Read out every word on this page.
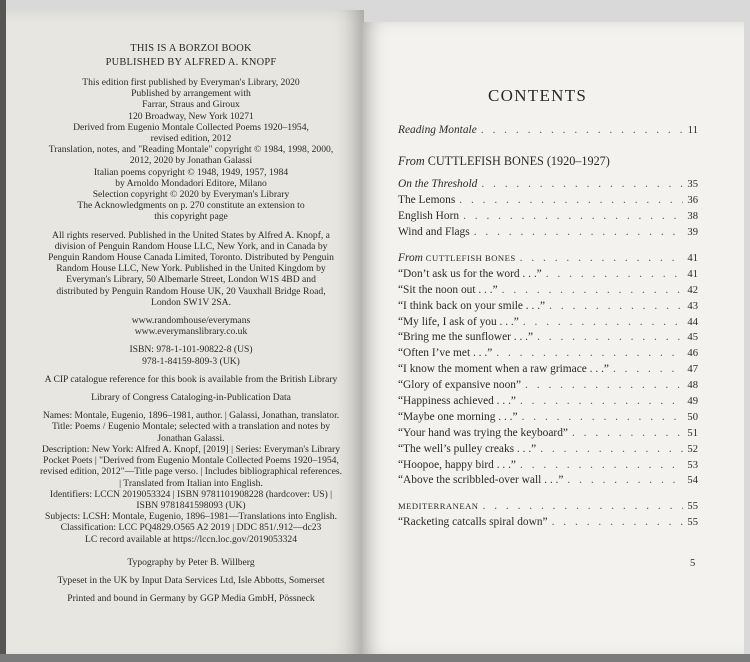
THIS IS A BORZOI BOOK

PUBLISHED BY ALFRED A. KNOPF

This edition first published by Everyman's Library, 2020

Published by arrangement with

Farrar, Straus and Giroux

120 Broadway, New York 10271

Derived from Eugenio Montale Collected Poems 1920–1954,

revised edition, 2012

Translation, notes, and "Reading Montale" copyright © 1984, 1998, 2000,

2012, 2020 by Jonathan Galassi

Italian poems copyright © 1948, 1949, 1957, 1984

by Arnoldo Mondadori Editore, Milano

Selection copyright © 2020 by Everyman's Library

The Acknowledgments on p. 270 constitute an extension to

this copyright page

All rights reserved. Published in the United States by Alfred A. Knopf, a

division of Penguin Random House LLC, New York, and in Canada by

Penguin Random House Canada Limited, Toronto. Distributed by Penguin

Random House LLC, New York. Published in the United Kingdom by

Everyman's Library, 50 Albemarle Street, London W1S 4BD and

distributed by Penguin Random House UK, 20 Vauxhall Bridge Road,

London SW1V 2SA.

www.randomhouse/everymans

www.everymanslibrary.co.uk

ISBN: 978-1-101-90822-8 (US)

978-1-84159-809-3 (UK)

A CIP catalogue reference for this book is available from the British Library

Library of Congress Cataloging-in-Publication Data

Names: Montale, Eugenio, 1896–1981, author. | Galassi, Jonathan, translator.

Title: Poems / Eugenio Montale; selected with a translation and notes by

Jonathan Galassi.

Description: New York: Alfred A. Knopf, [2019] | Series: Everyman's Library

Pocket Poets | "Derived from Eugenio Montale Collected Poems 1920–1954,

revised edition, 2012"—Title page verso. | Includes bibliographical references.

| Translated from Italian into English.

Identifiers: LCCN 2019053324 | ISBN 9781101908228 (hardcover: US) |

ISBN 9781841598093 (UK)

Subjects: LCSH: Montale, Eugenio, 1896–1981—Translations into English.

Classification: LCC PQ4829.O565 A2 2019 | DDC 851/.912—dc23

LC record available at https://lccn.loc.gov/2019053324

Typography by Peter B. Willberg

Typeset in the UK by Input Data Services Ltd, Isle Abbotts, Somerset

Printed and bound in Germany by GGP Media GmbH, Pössneck

CONTENTS
Reading Montale . . .	11
From CUTTLEFISH BONES (1920–1927)
On the Threshold . . .	35
The Lemons . . .	36
English Horn . . .	38
Wind and Flags . . .	39
From CUTTLEFISH BONES . . .	41
“Don’t ask us for the word . . .” . . .	41
“Sit the noon out . . .” . . .	42
“I think back on your smile . . .” . . .	43
“My life, I ask of you . . .” . . .	44
“Bring me the sunflower . . .” . . .	45
“Often I’ve met . . .” . . .	46
“I know the moment when a raw grimace . . .” . . .	47
“Glory of expansive noon” . . .	48
“Happiness achieved . . .” . . .	49
“Maybe one morning . . .” . . .	50
“Your hand was trying the keyboard” . . .	51
“The well’s pulley creaks . . .” . . .	52
“Hoopoe, happy bird . . .” . . .	53
“Above the scribbled-over wall . . .” . . .	54
MEDITERRANEAN . . .	55
“Racketing catcalls spiral down” . . .	55
5
